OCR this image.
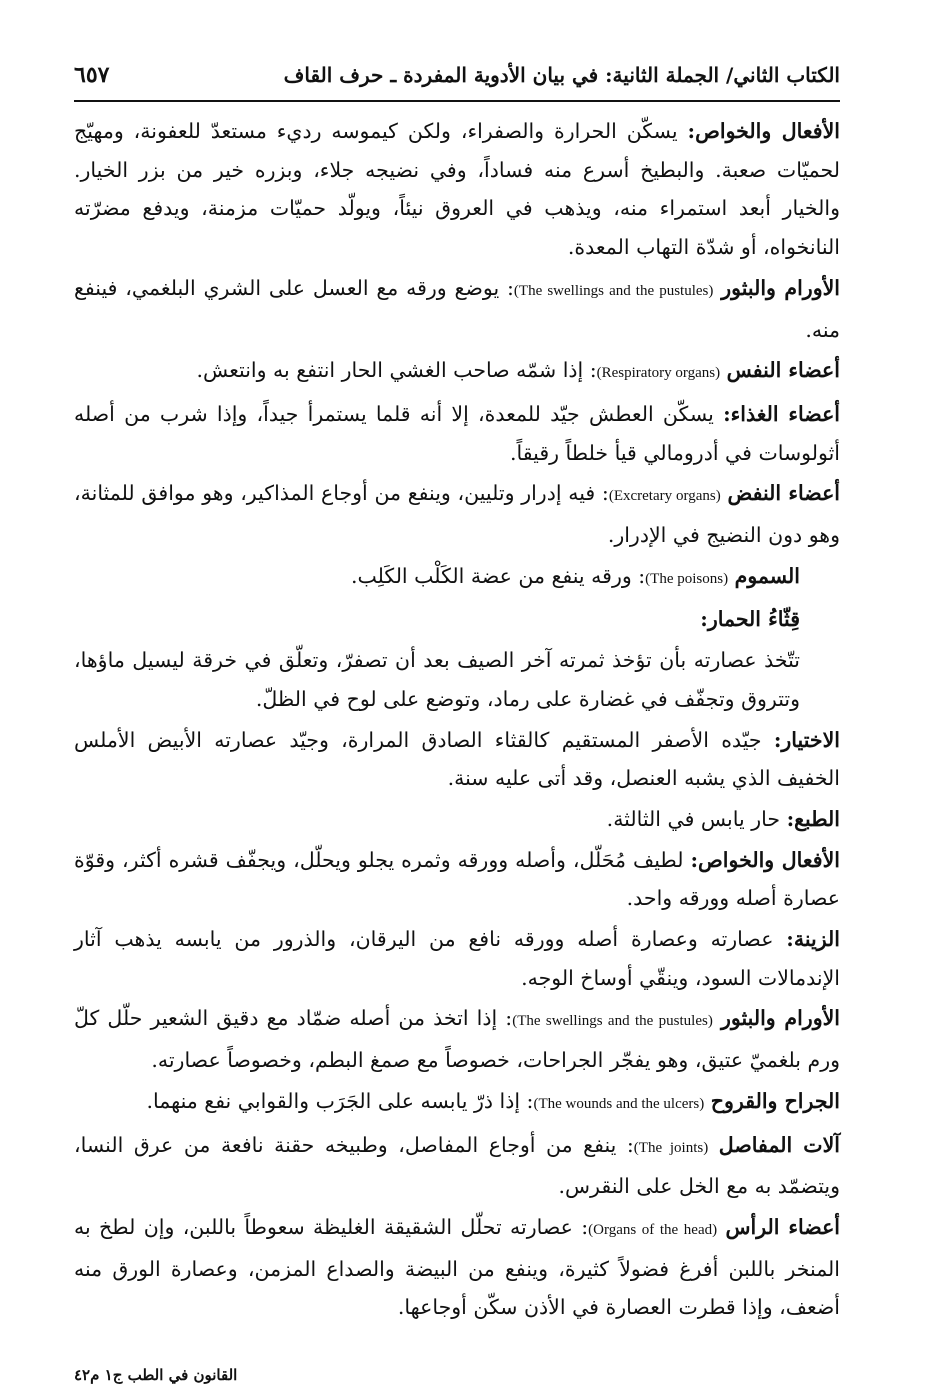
الكتاب الثاني/ الجملة الثانية: في بيان الأدوية المفردة ـ حرف القاف
٦٥٧

الأفعال والخواص: يسكّن الحرارة والصفراء، ولكن كيموسه رديء مستعدّ للعفونة، ومهيّج لحميّات صعبة. والبطيخ أسرع منه فساداً، وفي نضيجه جلاء، وبزره خير من بزر الخيار. والخيار أبعد استمراء منه، ويذهب في العروق نيئاً، ويولّد حميّات مزمنة، ويدفع مضرّته النانخواه، أو شدّة التهاب المعدة.

الأورام والبثور (The swellings and the pustules): يوضع ورقه مع العسل على الشري البلغمي، فينفع منه.

أعضاء النفس (Respiratory organs): إذا شمّه صاحب الغشي الحار انتفع به وانتعش.

أعضاء الغذاء: يسكّن العطش جيّد للمعدة، إلا أنه قلما يستمرأ جيداً، وإذا شرب من أصله أثولوسات في أدرومالي قيأ خلطاً رقيقاً.

أعضاء النفض (Excretary organs): فيه إدرار وتليين، وينفع من أوجاع المذاكير، وهو موافق للمثانة، وهو دون النضيج في الإدرار.

السموم (The poisons): ورقه ينفع من عضة الكَلْب الكَلِب.

قِثّاءُ الحمار:

تتّخذ عصارته بأن تؤخذ ثمرته آخر الصيف بعد أن تصفرّ، وتعلّق في خرقة ليسيل ماؤها، وتتروق وتجفّف في غضارة على رماد، وتوضع على لوح في الظلّ.

الاختيار: جيّده الأصفر المستقيم كالقثاء الصادق المرارة، وجيّد عصارته الأبيض الأملس الخفيف الذي يشبه العنصل، وقد أتى عليه سنة.

الطبع: حار يابس في الثالثة.

الأفعال والخواص: لطيف مُحَلّل، وأصله وورقه وثمره يجلو ويحلّل، ويجفّف قشره أكثر، وقوّة عصارة أصله وورقه واحد.

الزينة: عصارته وعصارة أصله وورقه نافع من اليرقان، والذرور من يابسه يذهب آثار الإندمالات السود، وينقّي أوساخ الوجه.

الأورام والبثور (The swellings and the pustules): إذا اتخذ من أصله ضمّاد مع دقيق الشعير حلّل كلّ ورم بلغميّ عتيق، وهو يفجّر الجراحات، خصوصاً مع صمغ البطم، وخصوصاً عصارته.

الجراح والقروح (The wounds and the ulcers): إذا ذرّ يابسه على الجَرَب والقوابي نفع منهما.

آلات المفاصل (The joints): ينفع من أوجاع المفاصل، وطبيخه حقنة نافعة من عرق النسا، ويتضمّد به مع الخل على النقرس.

أعضاء الرأس (Organs of the head): عصارته تحلّل الشقيقة الغليظة سعوطاً باللبن، وإن لطخ به المنخر باللبن أفرغ فضولاً كثيرة، وينفع من البيضة والصداع المزمن، وعصارة الورق منه أضعف، وإذا قطرت العصارة في الأذن سكّن أوجاعها.

القانون في الطب ج١ م٤٢
